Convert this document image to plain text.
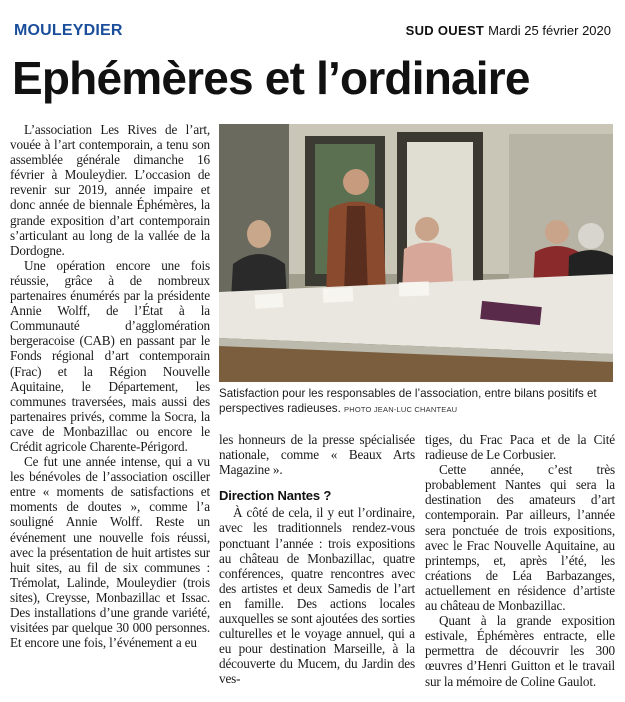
MOULEYDIER	SUD OUEST Mardi 25 février 2020
Ephémères et l’ordinaire

L’association Les Rives de l’art, vouée à l’art contemporain, a tenu son assemblée générale dimanche 16 février à Mouleydier. L’occasion de revenir sur 2019, année impaire et donc année de biennale Éphémères, la grande exposition d’art contemporain s’articulant au long de la vallée de la Dordogne.

Une opération encore une fois réussie, grâce à de nombreux partenaires énumérés par la présidente Annie Wolff, de l’État à la Communauté d’agglomération bergeracoise (CAB) en passant par le Fonds régional d’art contemporain (Frac) et la Région Nouvelle Aquitaine, le Département, les communes traversées, mais aussi des partenaires privés, comme la Socra, la cave de Monbazillac ou encore le Crédit agricole Charente-Périgord.

Ce fut une année intense, qui a vu les bénévoles de l’association osciller entre « moments de satisfactions et moments de doutes », comme l’a souligné Annie Wolff. Reste un événement une nouvelle fois réussi, avec la présentation de huit artistes sur huit sites, au fil de six communes : Trémolat, Lalinde, Mouleydier (trois sites), Creysse, Monbazillac et Issac. Des installations d’une grande variété, visitées par quelque 30 000 personnes. Et encore une fois, l’événement a eu

Satisfaction pour les responsables de l’association, entre bilans positifs et perspectives radieuses. PHOTO JEAN-LUC CHANTEAU

les honneurs de la presse spécialisée nationale, comme « Beaux Arts Magazine ».

Direction Nantes ?

À côté de cela, il y eut l’ordinaire, avec les traditionnels rendez-vous ponctuant l’année : trois expositions au château de Monbazillac, quatre conférences, quatre rencontres avec des artistes et deux Samedis de l’art en famille. Des actions locales auxquelles se sont ajoutées des sorties culturelles et le voyage annuel, qui a eu pour destination Marseille, à la découverte du Mucem, du Jardin des ves-

tiges, du Frac Paca et de la Cité radieuse de Le Corbusier.

Cette année, c’est très probablement Nantes qui sera la destination des amateurs d’art contemporain. Par ailleurs, l’année sera ponctuée de trois expositions, avec le Frac Nouvelle Aquitaine, au printemps, et, après l’été, les créations de Léa Barbazanges, actuellement en résidence d’artiste au château de Monbazillac.

Quant à la grande exposition estivale, Éphémères entracte, elle permettra de découvrir les 300 œuvres d’Henri Guitton et le travail sur la mémoire de Coline Gaulot.
